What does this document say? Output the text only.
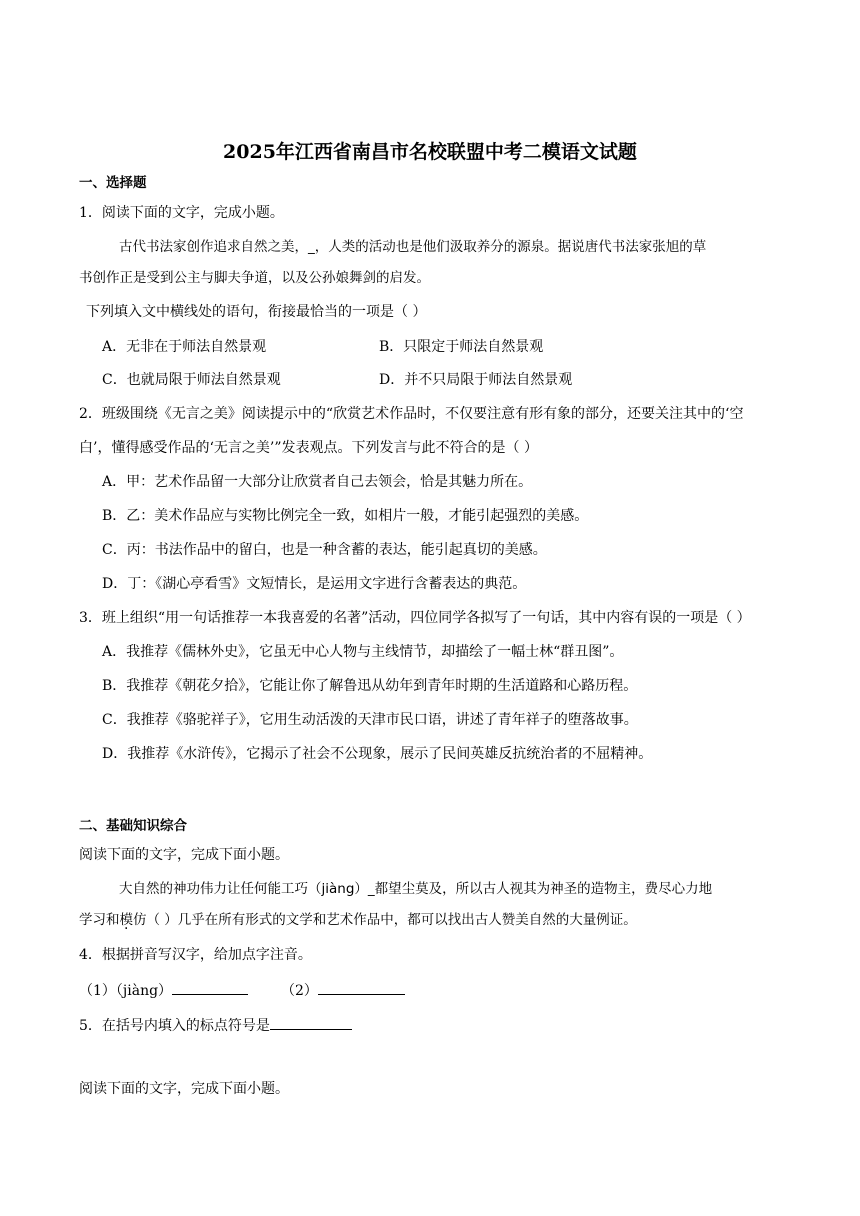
2025年江西省南昌市名校联盟中考二模语文试题
一、选择题
1．阅读下面的文字，完成小题。
古代书法家创作追求自然之美，_，人类的活动也是他们汲取养分的源泉。据说唐代书法家张旭的草
书创作正是受到公主与脚夫争道，以及公孙娘舞剑的启发。
下列填入文中横线处的语句，衔接最恰当的一项是（ ）
A．无非在于师法自然景观	B．只限定于师法自然景观
C．也就局限于师法自然景观	D．并不只局限于师法自然景观
2．班级围绕《无言之美》阅读提示中的“欣赏艺术作品时，不仅要注意有形有象的部分，还要关注其中的‘空
白’，懂得感受作品的‘无言之美’”发表观点。下列发言与此不符合的是（ ）
A．甲：艺术作品留一大部分让欣赏者自己去领会，恰是其魅力所在。
B．乙：美术作品应与实物比例完全一致，如相片一般，才能引起强烈的美感。
C．丙：书法作品中的留白，也是一种含蓄的表达，能引起真切的美感。
D．丁：《湖心亭看雪》文短情长，是运用文字进行含蓄表达的典范。
3．班上组织“用一句话推荐一本我喜爱的名著”活动，四位同学各拟写了一句话，其中内容有误的一项是（ ）
A．我推荐《儒林外史》，它虽无中心人物与主线情节，却描绘了一幅士林“群丑图”。
B．我推荐《朝花夕拾》，它能让你了解鲁迅从幼年到青年时期的生活道路和心路历程。
C．我推荐《骆驼祥子》，它用生动活泼的天津市民口语，讲述了青年祥子的堕落故事。
D．我推荐《水浒传》，它揭示了社会不公现象，展示了民间英雄反抗统治者的不屈精神。
二、基础知识综合
阅读下面的文字，完成下面小题。
大自然的神功伟力让任何能工巧（jiàng）_都望尘莫及，所以古人视其为神圣的造物主，费尽心力地
学习和模仿（ ）几乎在所有形式的文学和艺术作品中，都可以找出古人赞美自然的大量例证。
4．根据拼音写汉字，给加点字注音。
（1）（jiàng）	（2）
5．在括号内填入的标点符号是
阅读下面的文字，完成下面小题。
